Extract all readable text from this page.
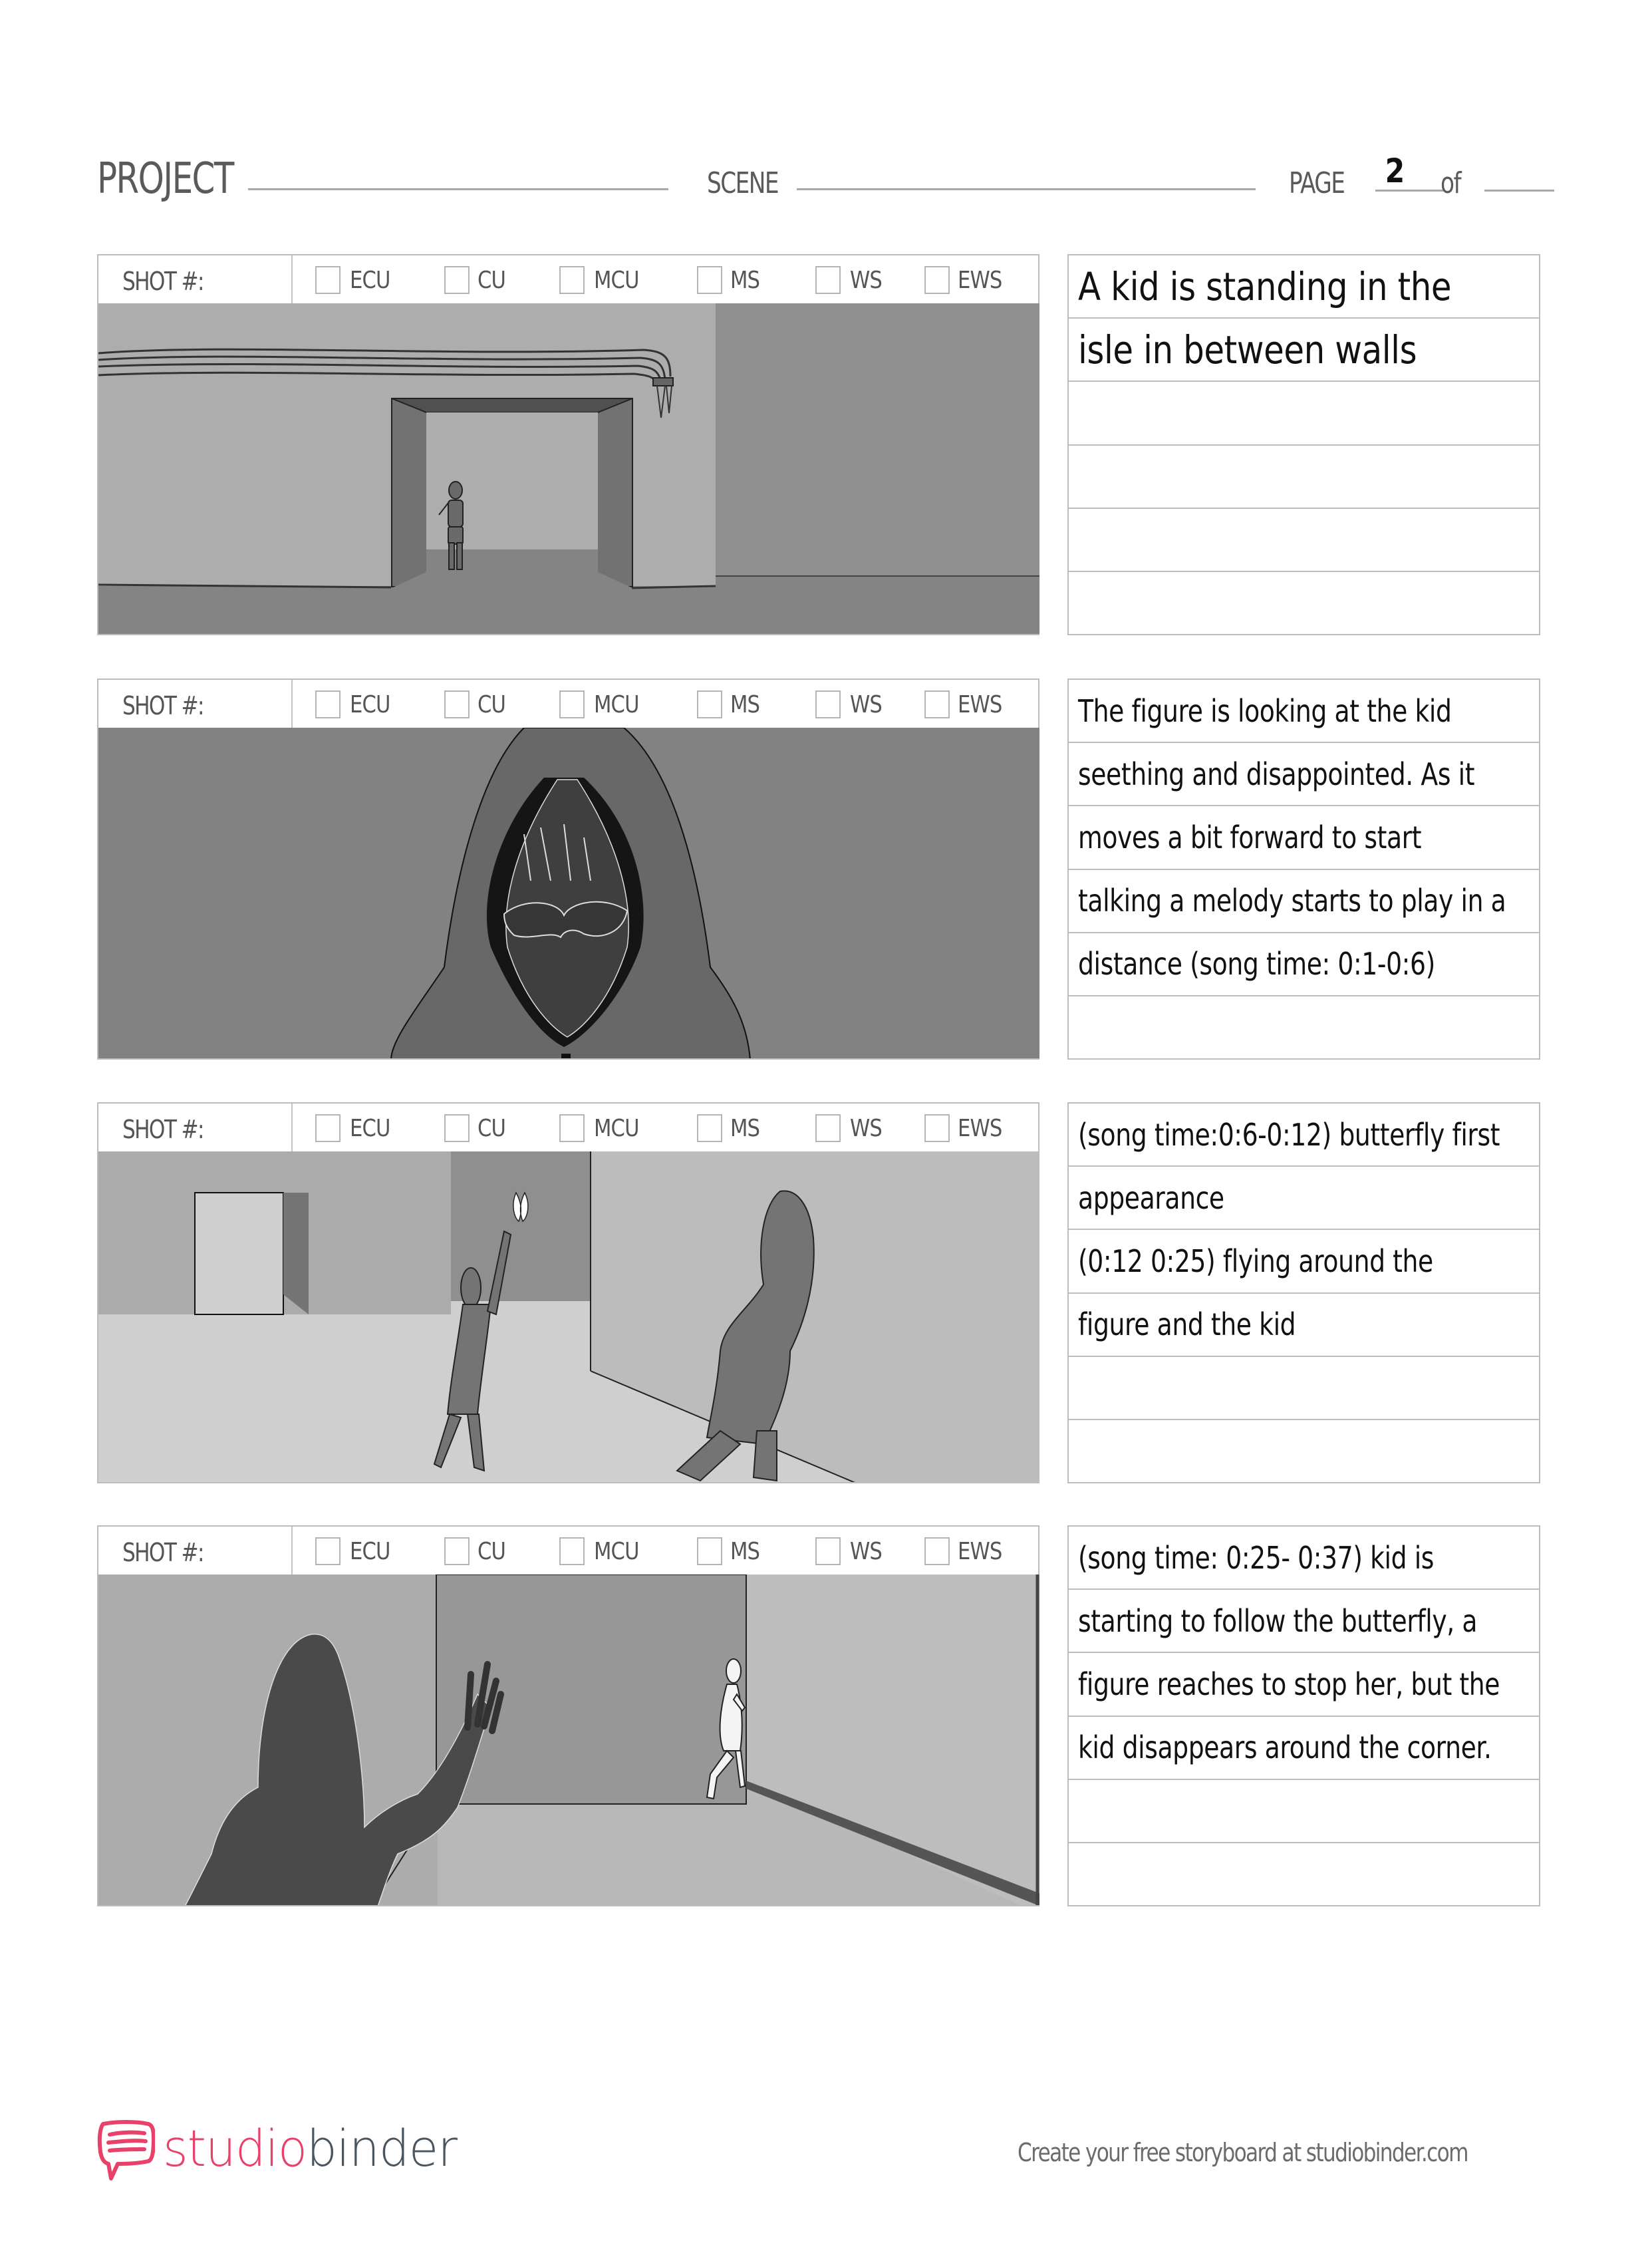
PROJECT	SCENE	PAGE 2 of
SHOT #:	ECU	CU	MCU	MS	WS	EWS A kid is standing in the
isle in between walls
SHOT #:	ECU	CU	MCU	MS	WS	EWS The figure is looking at the kid
seething and disappointed. As it
moves a bit forward to start
talking a melody starts to play in a
distance (song time: 0:1-0:6)
SHOT #:	ECU	CU	MCU	MS	WS	EWS (song time:0:6-0:12) butterfly first
appearance
(0:12 0:25) flying around the
figure and the kid
SHOT #:	ECU	CU	MCU	MS	WS	EWS (song time: 0:25- 0:37) kid is
starting to follow the butterfly, a
figure reaches to stop her, but the
kid disappears around the corner.
studiobinder	Create your free storyboard at studiobinder.com
